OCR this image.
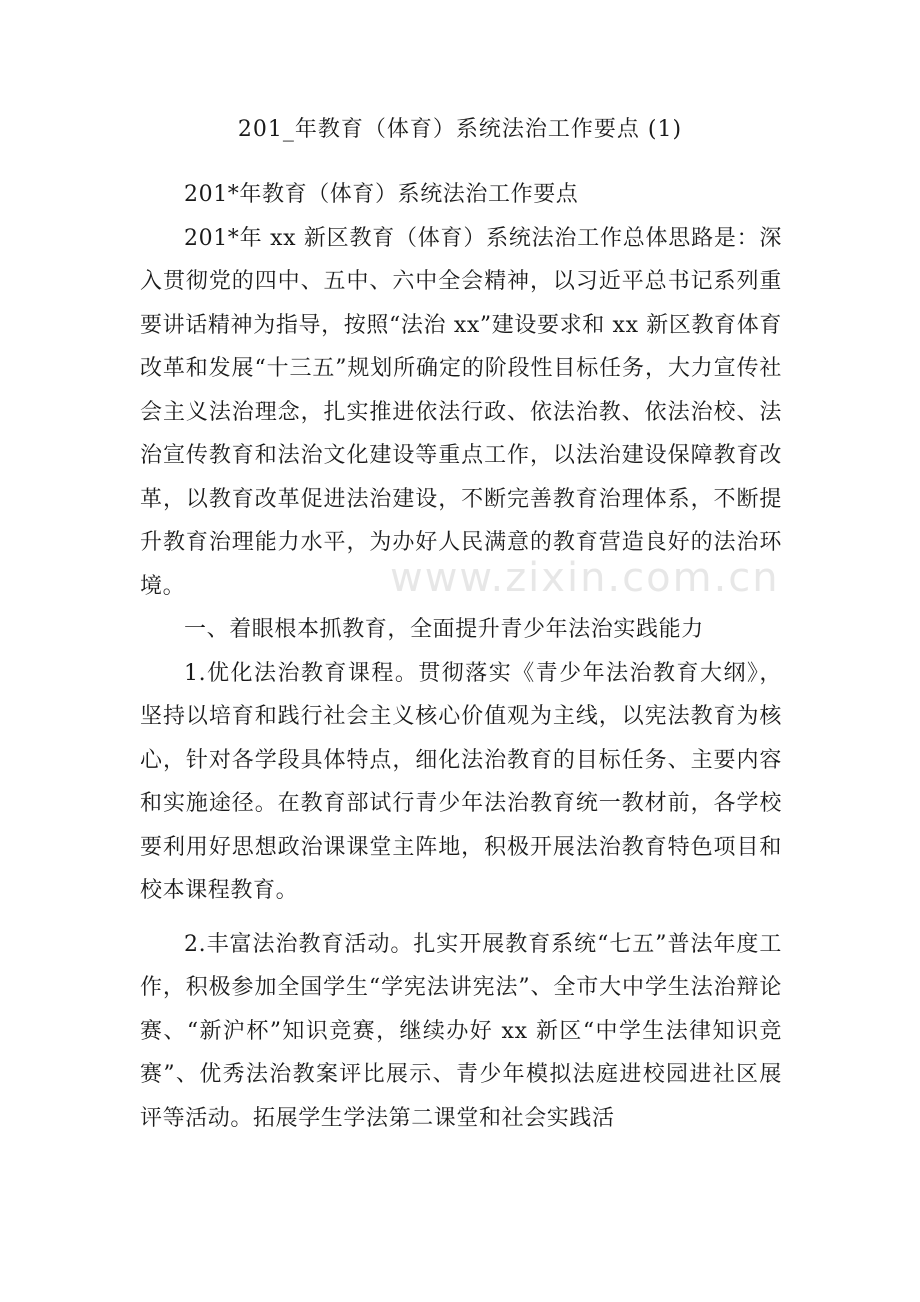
201_年教育（体育）系统法治工作要点 (1)

201*年教育（体育）系统法治工作要点

201*年 xx 新区教育（体育）系统法治工作总体思路是：深入贯彻党的四中、五中、六中全会精神，以习近平总书记系列重要讲话精神为指导，按照“法治 xx”建设要求和 xx 新区教育体育改革和发展“十三五”规划所确定的阶段性目标任务，大力宣传社会主义法治理念，扎实推进依法行政、依法治教、依法治校、法治宣传教育和法治文化建设等重点工作，以法治建设保障教育改革，以教育改革促进法治建设，不断完善教育治理体系，不断提升教育治理能力水平，为办好人民满意的教育营造良好的法治环境。

一、着眼根本抓教育，全面提升青少年法治实践能力

1.优化法治教育课程。贯彻落实《青少年法治教育大纲》，坚持以培育和践行社会主义核心价值观为主线，以宪法教育为核心，针对各学段具体特点，细化法治教育的目标任务、主要内容和实施途径。在教育部试行青少年法治教育统一教材前，各学校要利用好思想政治课课堂主阵地，积极开展法治教育特色项目和校本课程教育。

2.丰富法治教育活动。扎实开展教育系统“七五”普法年度工作，积极参加全国学生“学宪法讲宪法”、全市大中学生法治辩论赛、“新沪杯”知识竞赛，继续办好 xx 新区“中学生法律知识竞赛”、优秀法治教案评比展示、青少年模拟法庭进校园进社区展评等活动。拓展学生学法第二课堂和社会实践活

www.zixin.com.cn
